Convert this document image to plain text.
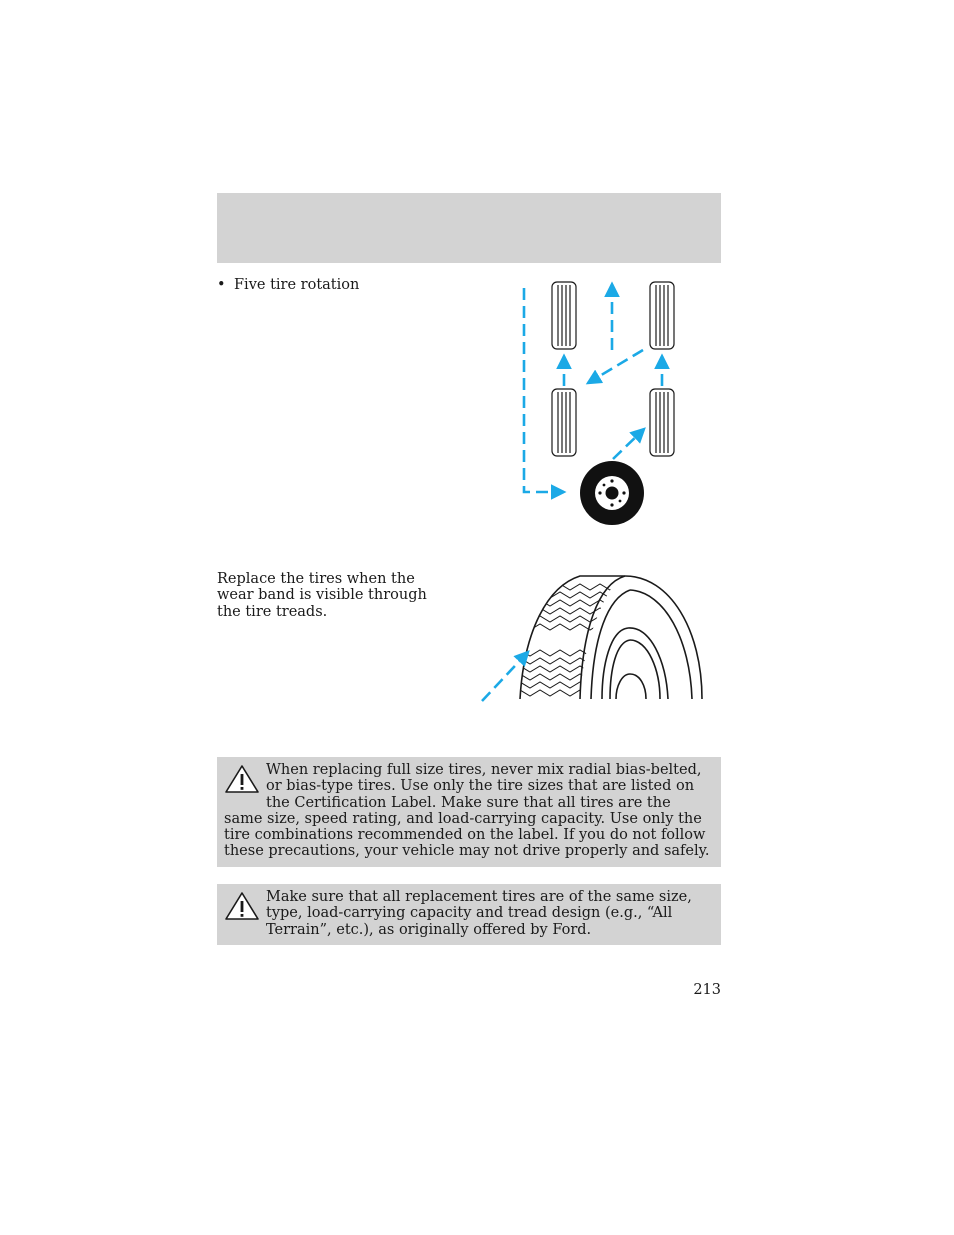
• Five tire rotation
Replace the tires when the wear band is visible through the tire treads.
When replacing full size tires, never mix radial bias-belted, or bias-type tires. Use only the tire sizes that are listed on the Certification Label. Make sure that all tires are the same size, speed rating, and load-carrying capacity. Use only the tire combinations recommended on the label. If you do not follow these precautions, your vehicle may not drive properly and safely.
Make sure that all replacement tires are of the same size, type, load-carrying capacity and tread design (e.g., “All Terrain”, etc.), as originally offered by Ford.
213
